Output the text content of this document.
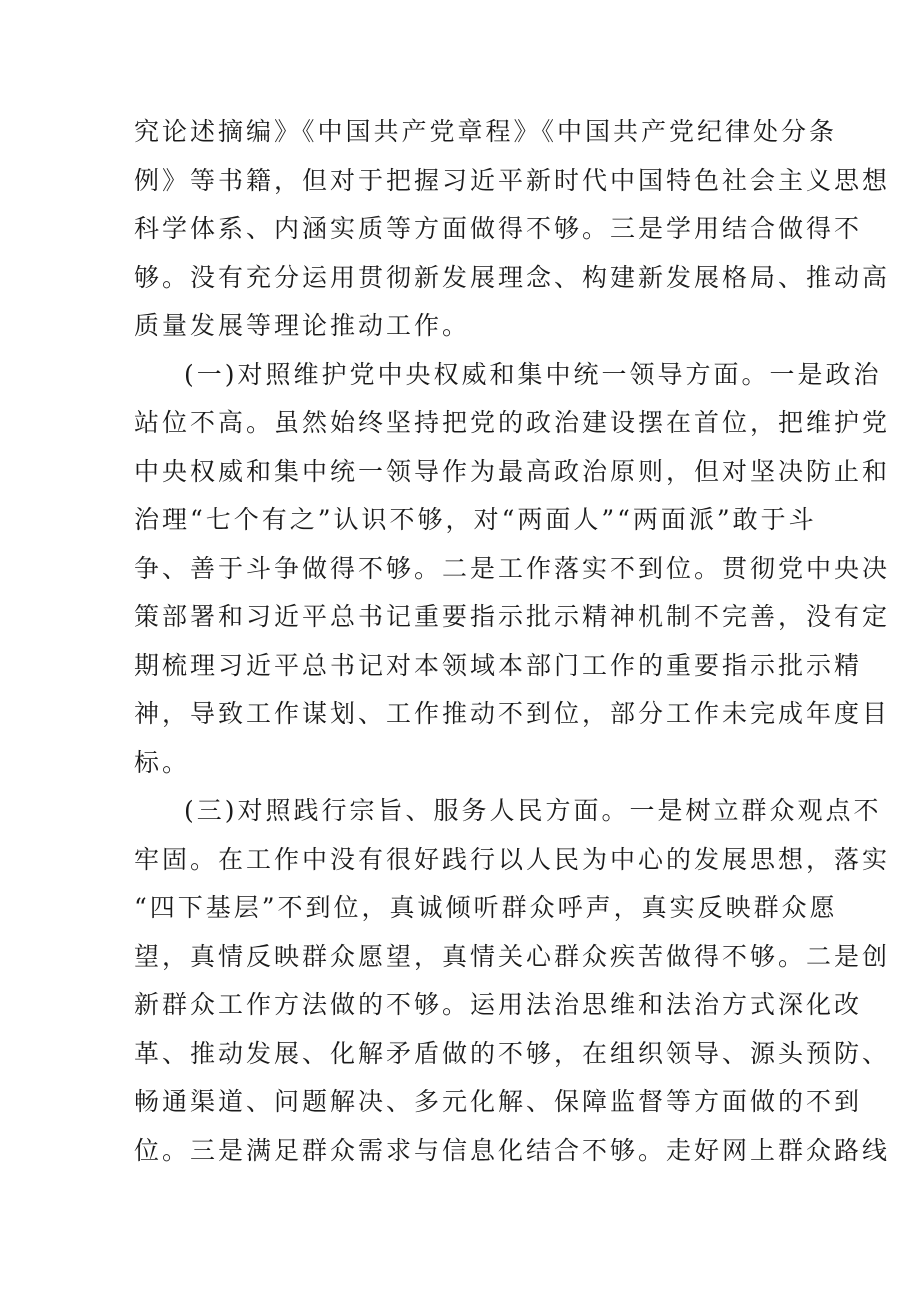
究论述摘编》《中国共产党章程》《中国共产党纪律处分条
例》等书籍，但对于把握习近平新时代中国特色社会主义思想
科学体系、内涵实质等方面做得不够。三是学用结合做得不
够。没有充分运用贯彻新发展理念、构建新发展格局、推动高
质量发展等理论推动工作。
(一)对照维护党中央权威和集中统一领导方面。一是政治
站位不高。虽然始终坚持把党的政治建设摆在首位，把维护党
中央权威和集中统一领导作为最高政治原则，但对坚决防止和
治理“七个有之”认识不够，对“两面人”“两面派”敢于斗
争、善于斗争做得不够。二是工作落实不到位。贯彻党中央决
策部署和习近平总书记重要指示批示精神机制不完善，没有定
期梳理习近平总书记对本领域本部门工作的重要指示批示精
神，导致工作谋划、工作推动不到位，部分工作未完成年度目
标。
(三)对照践行宗旨、服务人民方面。一是树立群众观点不
牢固。在工作中没有很好践行以人民为中心的发展思想，落实
“四下基层”不到位，真诚倾听群众呼声，真实反映群众愿
望，真情反映群众愿望，真情关心群众疾苦做得不够。二是创
新群众工作方法做的不够。运用法治思维和法治方式深化改
革、推动发展、化解矛盾做的不够，在组织领导、源头预防、
畅通渠道、问题解决、多元化解、保障监督等方面做的不到
位。三是满足群众需求与信息化结合不够。走好网上群众路线
